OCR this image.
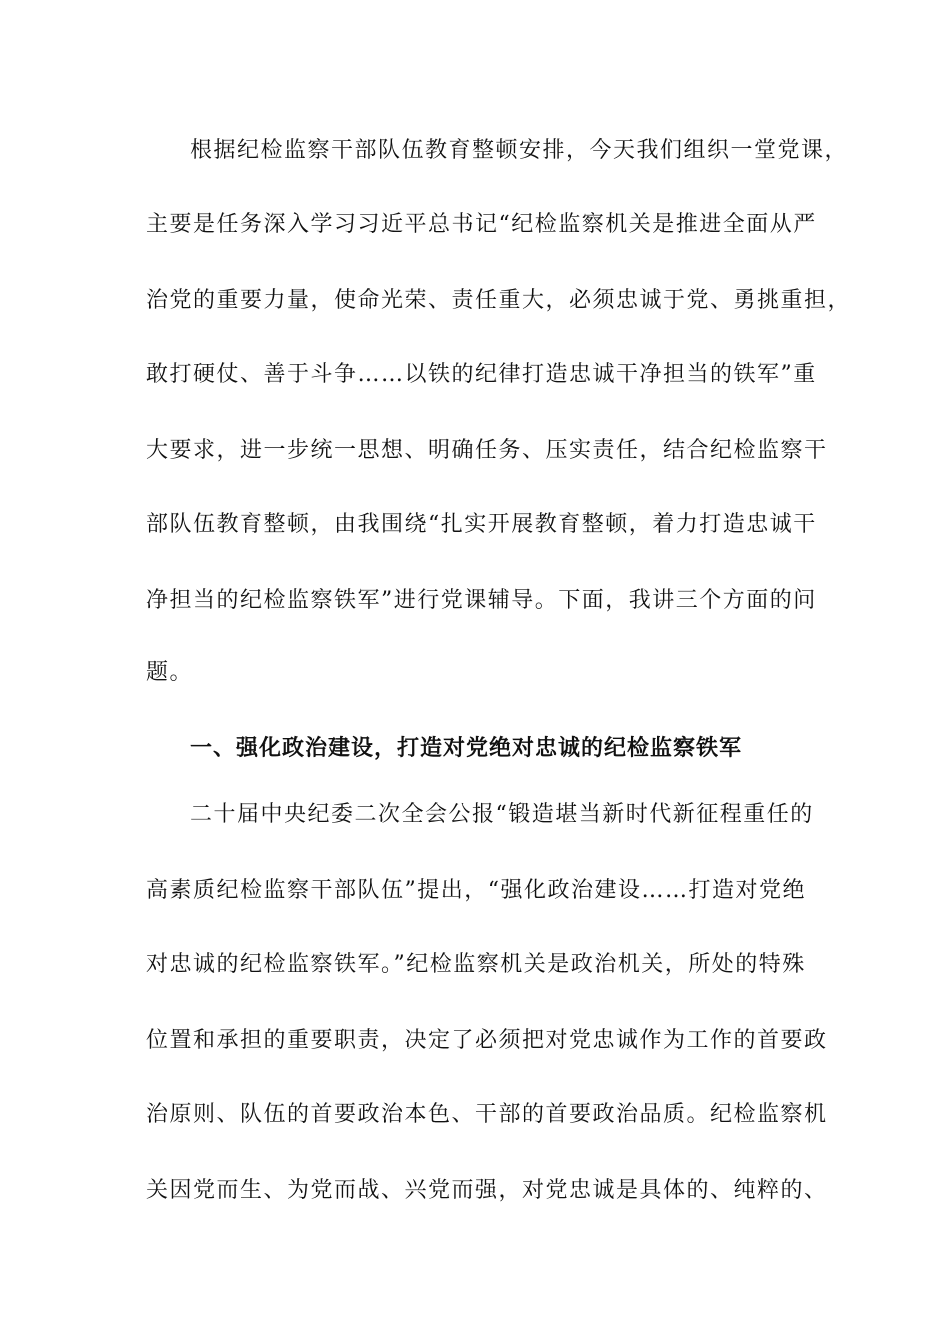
根据纪检监察干部队伍教育整顿安排，今天我们组织一堂党课，
主要是任务深入学习习近平总书记“纪检监察机关是推进全面从严
治党的重要力量，使命光荣、责任重大，必须忠诚于党、勇挑重担，
敢打硬仗、善于斗争……以铁的纪律打造忠诚干净担当的铁军”重
大要求，进一步统一思想、明确任务、压实责任，结合纪检监察干
部队伍教育整顿，由我围绕“扎实开展教育整顿，着力打造忠诚干
净担当的纪检监察铁军”进行党课辅导。下面，我讲三个方面的问
题。
一、强化政治建设，打造对党绝对忠诚的纪检监察铁军
二十届中央纪委二次全会公报“锻造堪当新时代新征程重任的
高素质纪检监察干部队伍”提出，“强化政治建设……打造对党绝
对忠诚的纪检监察铁军。”纪检监察机关是政治机关，所处的特殊
位置和承担的重要职责，决定了必须把对党忠诚作为工作的首要政
治原则、队伍的首要政治本色、干部的首要政治品质。纪检监察机
关因党而生、为党而战、兴党而强，对党忠诚是具体的、纯粹的、
